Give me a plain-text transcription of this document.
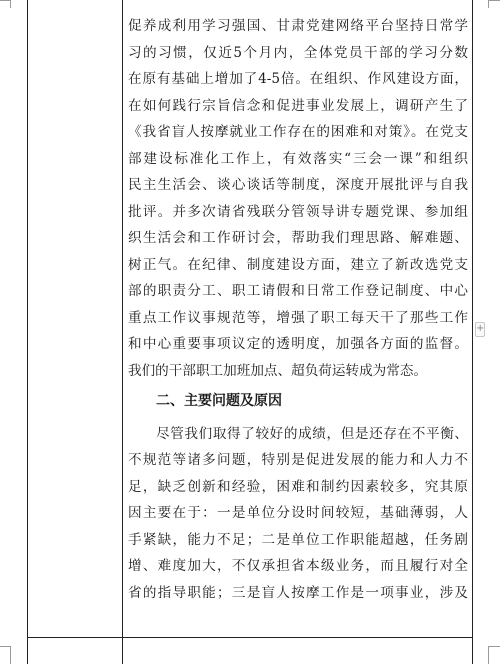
促养成利用学习强国、甘肃党建网络平台坚持日常学
习的习惯，仅近5个月内，全体党员干部的学习分数
在原有基础上增加了4-5倍。在组织、作风建设方面，
在如何践行宗旨信念和促进事业发展上，调研产生了
《我省盲人按摩就业工作存在的困难和对策》。在党支
部建设标准化工作上，有效落实“三会一课”和组织
民主生活会、谈心谈话等制度，深度开展批评与自我
批评。并多次请省残联分管领导讲专题党课、参加组
织生活会和工作研讨会，帮助我们理思路、解难题、
树正气。在纪律、制度建设方面，建立了新改选党支
部的职责分工、职工请假和日常工作登记制度、中心
重点工作议事规范等，增强了职工每天干了那些工作
和中心重要事项议定的透明度，加强各方面的监督。
我们的干部职工加班加点、超负荷运转成为常态。
二、主要问题及原因
尽管我们取得了较好的成绩，但是还存在不平衡、
不规范等诸多问题，特别是促进发展的能力和人力不
足，缺乏创新和经验，困难和制约因素较多，究其原
因主要在于：一是单位分设时间较短，基础薄弱，人
手紧缺，能力不足；二是单位工作职能超越，任务剧
增、难度加大，不仅承担省本级业务，而且履行对全
省的指导职能；三是盲人按摩工作是一项事业，涉及
+
